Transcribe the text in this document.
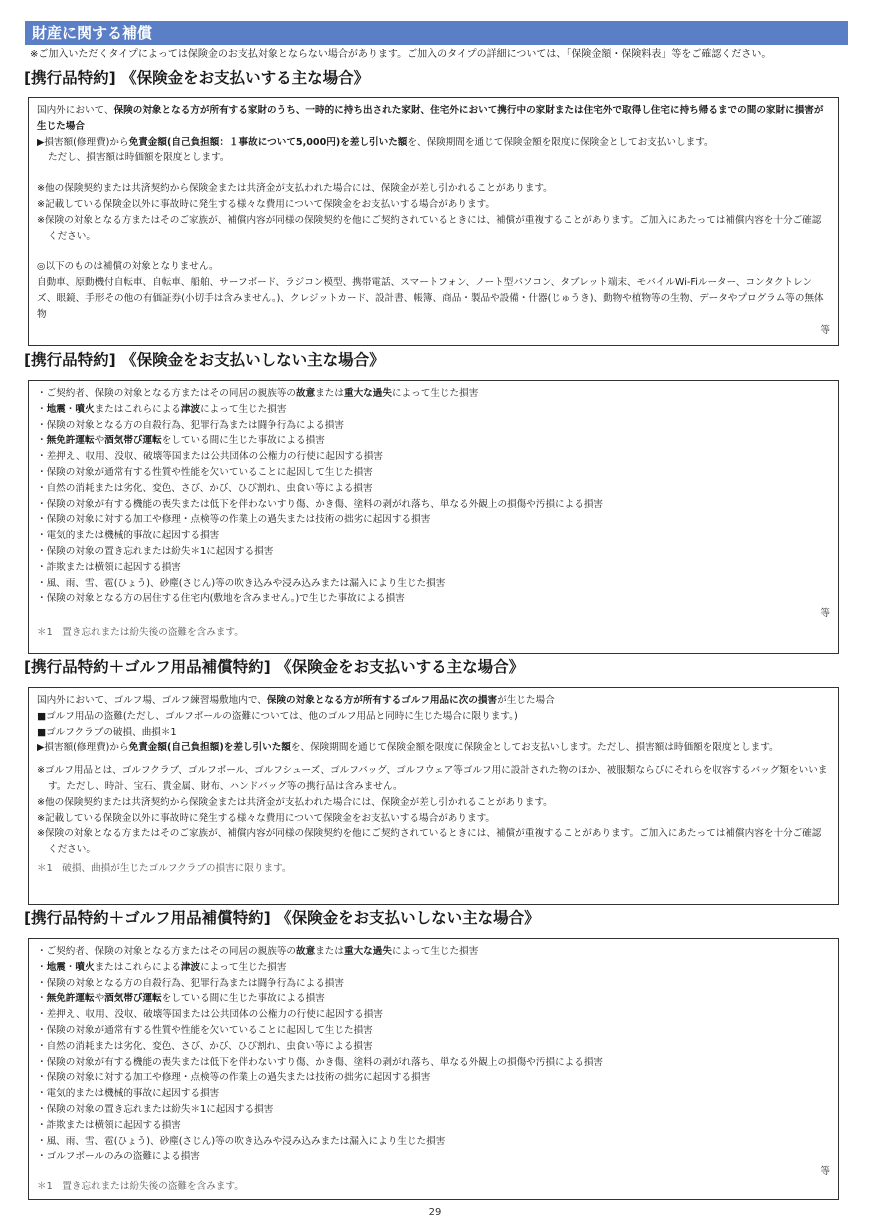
財産に関する補償
※ご加入いただくタイプによっては保険金のお支払対象とならない場合があります。ご加入のタイプの詳細については、「保険金額・保険料表」等をご確認ください。
[携行品特約] 《保険金をお支払いする主な場合》

国内外において、保険の対象となる方が所有する家財のうち、一時的に持ち出された家財、住宅外において携行中の家財または住宅外で取得し住宅に持ち帰るまでの間の家財に損害が生じた場合

▶損害額(修理費)から免責金額(自己負担額：１事故について5,000円)を差し引いた額を、保険期間を通じて保険金額を限度に保険金としてお支払いします。

ただし、損害額は時価額を限度とします。

※他の保険契約または共済契約から保険金または共済金が支払われた場合には、保険金が差し引かれることがあります。

※記載している保険金以外に事故時に発生する様々な費用について保険金をお支払いする場合があります。

※保険の対象となる方またはそのご家族が、補償内容が同様の保険契約を他にご契約されているときには、補償が重複することがあります。ご加入にあたっては補償内容を十分ご確認ください。

◎以下のものは補償の対象となりません。

自動車、原動機付自転車、自転車、船舶、サーフボード、ラジコン模型、携帯電話、スマートフォン、ノート型パソコン、タブレット端末、モバイルWi-Fiルーター、コンタクトレンズ、眼鏡、手形その他の有価証券(小切手は含みません。)、クレジットカード、設計書、帳簿、商品・製品や設備・什器(じゅうき)、動物や植物等の生物、データやプログラム等の無体物

等

[携行品特約] 《保険金をお支払いしない主な場合》

・ご契約者、保険の対象となる方またはその同居の親族等の故意または重大な過失によって生じた損害

・地震・噴火またはこれらによる津波によって生じた損害

・保険の対象となる方の自殺行為、犯罪行為または闘争行為による損害

・無免許運転や酒気帯び運転をしている間に生じた事故による損害

・差押え、収用、没収、破壊等国または公共団体の公権力の行使に起因する損害

・保険の対象が通常有する性質や性能を欠いていることに起因して生じた損害

・自然の消耗または劣化、変色、さび、かび、ひび割れ、虫食い等による損害

・保険の対象が有する機能の喪失または低下を伴わないすり傷、かき傷、塗料の剥がれ落ち、単なる外観上の損傷や汚損による損害

・保険の対象に対する加工や修理・点検等の作業上の過失または技術の拙劣に起因する損害

・電気的または機械的事故に起因する損害

・保険の対象の置き忘れまたは紛失＊1に起因する損害

・詐欺または横領に起因する損害

・風、雨、雪、雹(ひょう)、砂塵(さじん)等の吹き込みや浸み込みまたは漏入により生じた損害

・保険の対象となる方の居住する住宅内(敷地を含みません。)で生じた事故による損害

等

＊1　置き忘れまたは紛失後の盗難を含みます。

[携行品特約＋ゴルフ用品補償特約] 《保険金をお支払いする主な場合》

国内外において、ゴルフ場、ゴルフ練習場敷地内で、保険の対象となる方が所有するゴルフ用品に次の損害が生じた場合

■ゴルフ用品の盗難(ただし、ゴルフボールの盗難については、他のゴルフ用品と同時に生じた場合に限ります。)

■ゴルフクラブの破損、曲損＊1

▶損害額(修理費)から免責金額(自己負担額)を差し引いた額を、保険期間を通じて保険金額を限度に保険金としてお支払いします。ただし、損害額は時価額を限度とします。

※ゴルフ用品とは、ゴルフクラブ、ゴルフボール、ゴルフシューズ、ゴルフバッグ、ゴルフウェア等ゴルフ用に設計された物のほか、被服類ならびにそれらを収容するバッグ類をいいます。ただし、時計、宝石、貴金属、財布、ハンドバッグ等の携行品は含みません。

※他の保険契約または共済契約から保険金または共済金が支払われた場合には、保険金が差し引かれることがあります。

※記載している保険金以外に事故時に発生する様々な費用について保険金をお支払いする場合があります。

※保険の対象となる方またはそのご家族が、補償内容が同様の保険契約を他にご契約されているときには、補償が重複することがあります。ご加入にあたっては補償内容を十分ご確認ください。

＊1　破損、曲損が生じたゴルフクラブの損害に限ります。

[携行品特約＋ゴルフ用品補償特約] 《保険金をお支払いしない主な場合》

・ご契約者、保険の対象となる方またはその同居の親族等の故意または重大な過失によって生じた損害

・地震・噴火またはこれらによる津波によって生じた損害

・保険の対象となる方の自殺行為、犯罪行為または闘争行為による損害

・無免許運転や酒気帯び運転をしている間に生じた事故による損害

・差押え、収用、没収、破壊等国または公共団体の公権力の行使に起因する損害

・保険の対象が通常有する性質や性能を欠いていることに起因して生じた損害

・自然の消耗または劣化、変色、さび、かび、ひび割れ、虫食い等による損害

・保険の対象が有する機能の喪失または低下を伴わないすり傷、かき傷、塗料の剥がれ落ち、単なる外観上の損傷や汚損による損害

・保険の対象に対する加工や修理・点検等の作業上の過失または技術の拙劣に起因する損害

・電気的または機械的事故に起因する損害

・保険の対象の置き忘れまたは紛失＊1に起因する損害

・詐欺または横領に起因する損害

・風、雨、雪、雹(ひょう)、砂塵(さじん)等の吹き込みや浸み込みまたは漏入により生じた損害

・ゴルフボールのみの盗難による損害

等

＊1　置き忘れまたは紛失後の盗難を含みます。

29
